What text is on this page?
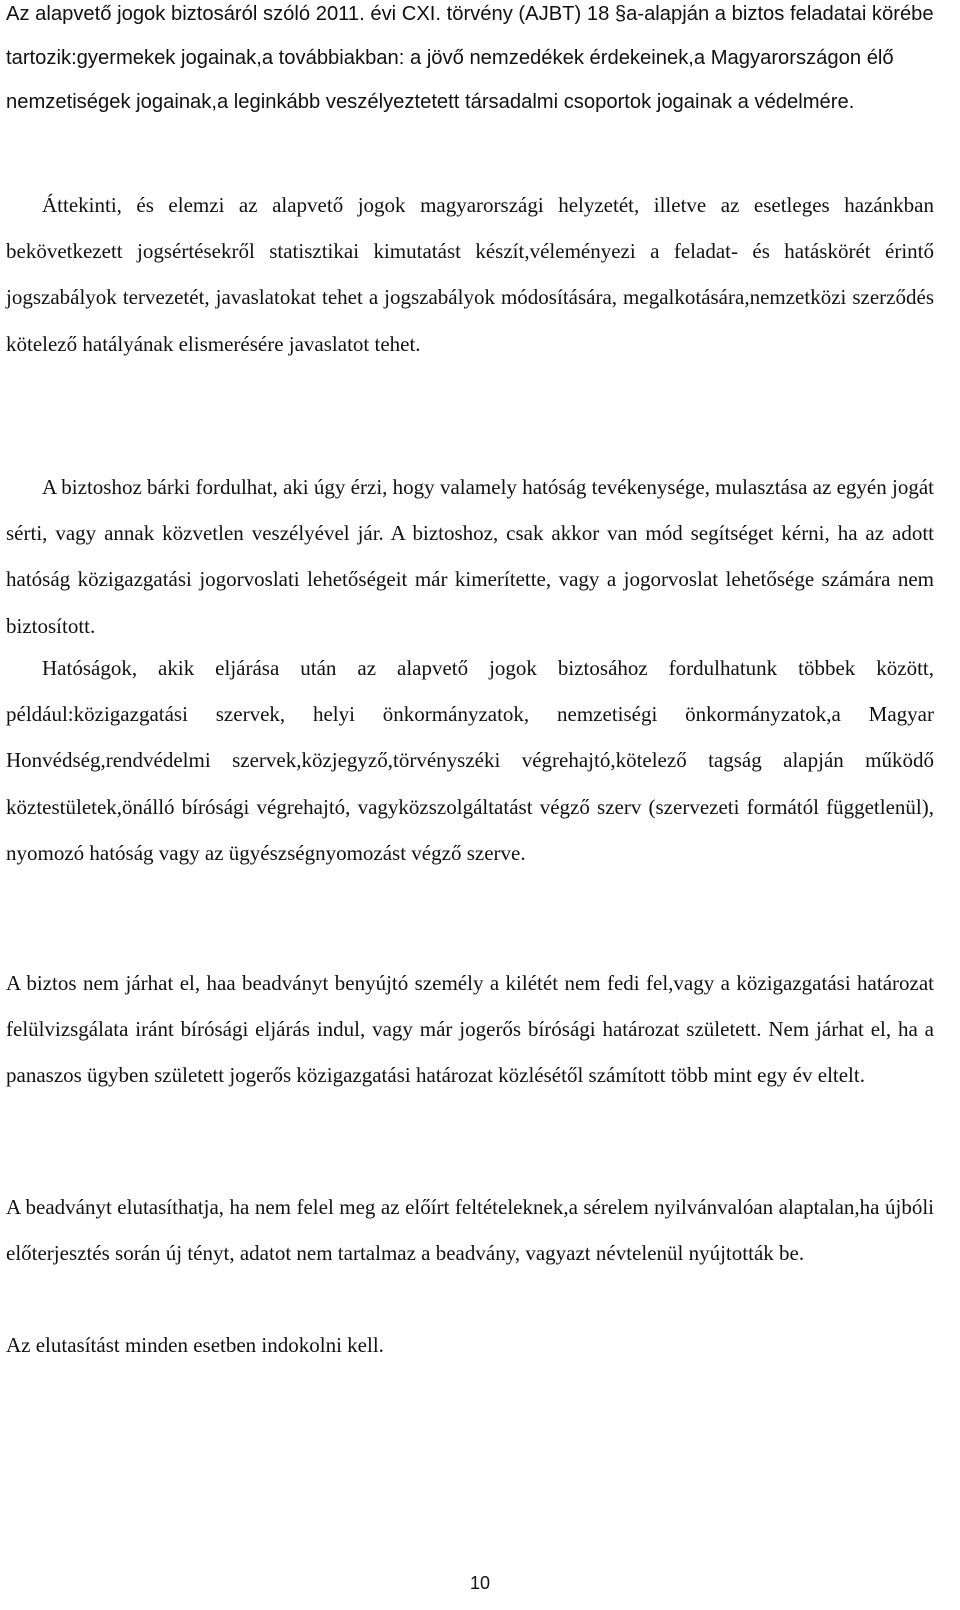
Az alapvető jogok biztosáról szóló 2011. évi CXI. törvény (AJBT) 18 §a-alapján a biztos feladatai körébe tartozik:gyermekek jogainak,a továbbiakban: a jövő nemzedékek érdekeinek,a Magyarországon élő nemzetiségek jogainak,a leginkább veszélyeztetett társadalmi csoportok jogainak a védelmére.

Áttekinti, és elemzi az alapvető jogok magyarországi helyzetét, illetve az esetleges hazánkban bekövetkezett jogsértésekről statisztikai kimutatást készít,véleményezi a feladat- és hatáskörét érintő jogszabályok tervezetét, javaslatokat tehet a jogszabályok módosítására, megalkotására,nemzetközi szerződés kötelező hatályának elismerésére javaslatot tehet.

A biztoshoz bárki fordulhat, aki úgy érzi, hogy valamely hatóság tevékenysége, mulasztása az egyén jogát sérti, vagy annak közvetlen veszélyével jár. A biztoshoz, csak akkor van mód segítséget kérni, ha az adott hatóság közigazgatási jogorvoslati lehetőségeit már kimerítette, vagy a jogorvoslat lehetősége számára nem biztosított.

Hatóságok, akik eljárása után az alapvető jogok biztosához fordulhatunk többek között, például:közigazgatási szervek, helyi önkormányzatok, nemzetiségi önkormányzatok,a Magyar Honvédség,rendvédelmi szervek,közjegyző,törvényszéki végrehajtó,kötelező tagság alapján működő köztestületek,önálló bírósági végrehajtó, vagyközszolgáltatást végző szerv (szervezeti formától függetlenül), nyomozó hatóság vagy az ügyészségnyomozást végző szerve.

A biztos nem járhat el, haa beadványt benyújtó személy a kilétét nem fedi fel,vagy a közigazgatási határozat felülvizsgálata iránt bírósági eljárás indul, vagy már jogerős bírósági határozat született. Nem járhat el, ha a panaszos ügyben született jogerős közigazgatási határozat közlésétől számított több mint egy év eltelt.

A beadványt elutasíthatja, ha nem felel meg az előírt feltételeknek,a sérelem nyilvánvalóan alaptalan,ha újbóli előterjesztés során új tényt, adatot nem tartalmaz a beadvány, vagyazt névtelenül nyújtották be.

Az elutasítást minden esetben indokolni kell.

10
